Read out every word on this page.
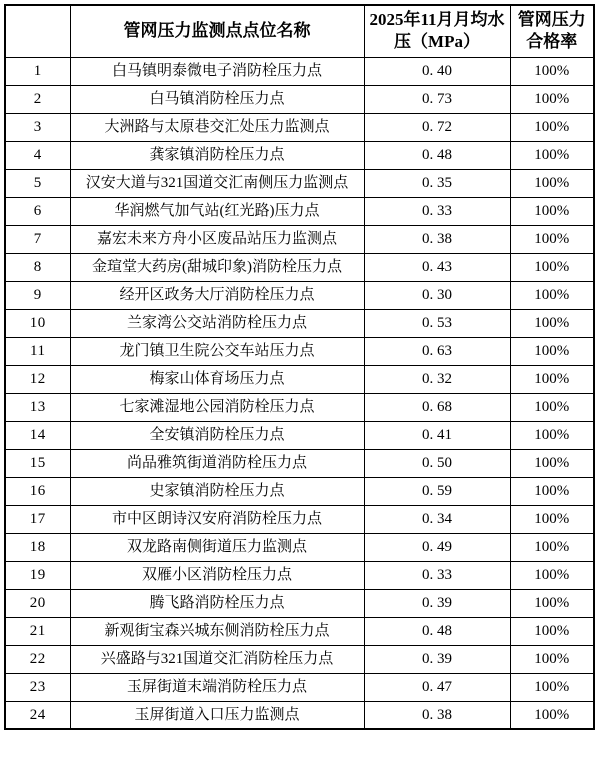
	管网压力监测点点位名称	2025年11月月均水压（MPa）	管网压力合格率
1	白马镇明泰微电子消防栓压力点	0. 40	100%
2	白马镇消防栓压力点	0. 73	100%
3	大洲路与太原巷交汇处压力监测点	0. 72	100%
4	龚家镇消防栓压力点	0. 48	100%
5	汉安大道与321国道交汇南侧压力监测点	0. 35	100%
6	华润燃气加气站(红光路)压力点	0. 33	100%
7	嘉宏未来方舟小区废品站压力监测点	0. 38	100%
8	金瑄堂大药房(甜城印象)消防栓压力点	0. 43	100%
9	经开区政务大厅消防栓压力点	0. 30	100%
10	兰家湾公交站消防栓压力点	0. 53	100%
11	龙门镇卫生院公交车站压力点	0. 63	100%
12	梅家山体育场压力点	0. 32	100%
13	七家滩湿地公园消防栓压力点	0. 68	100%
14	全安镇消防栓压力点	0. 41	100%
15	尚品雅筑街道消防栓压力点	0. 50	100%
16	史家镇消防栓压力点	0. 59	100%
17	市中区朗诗汉安府消防栓压力点	0. 34	100%
18	双龙路南侧街道压力监测点	0. 49	100%
19	双雁小区消防栓压力点	0. 33	100%
20	腾飞路消防栓压力点	0. 39	100%
21	新观街宝森兴城东侧消防栓压力点	0. 48	100%
22	兴盛路与321国道交汇消防栓压力点	0. 39	100%
23	玉屏街道末端消防栓压力点	0. 47	100%
24	玉屏街道入口压力监测点	0. 38	100%
